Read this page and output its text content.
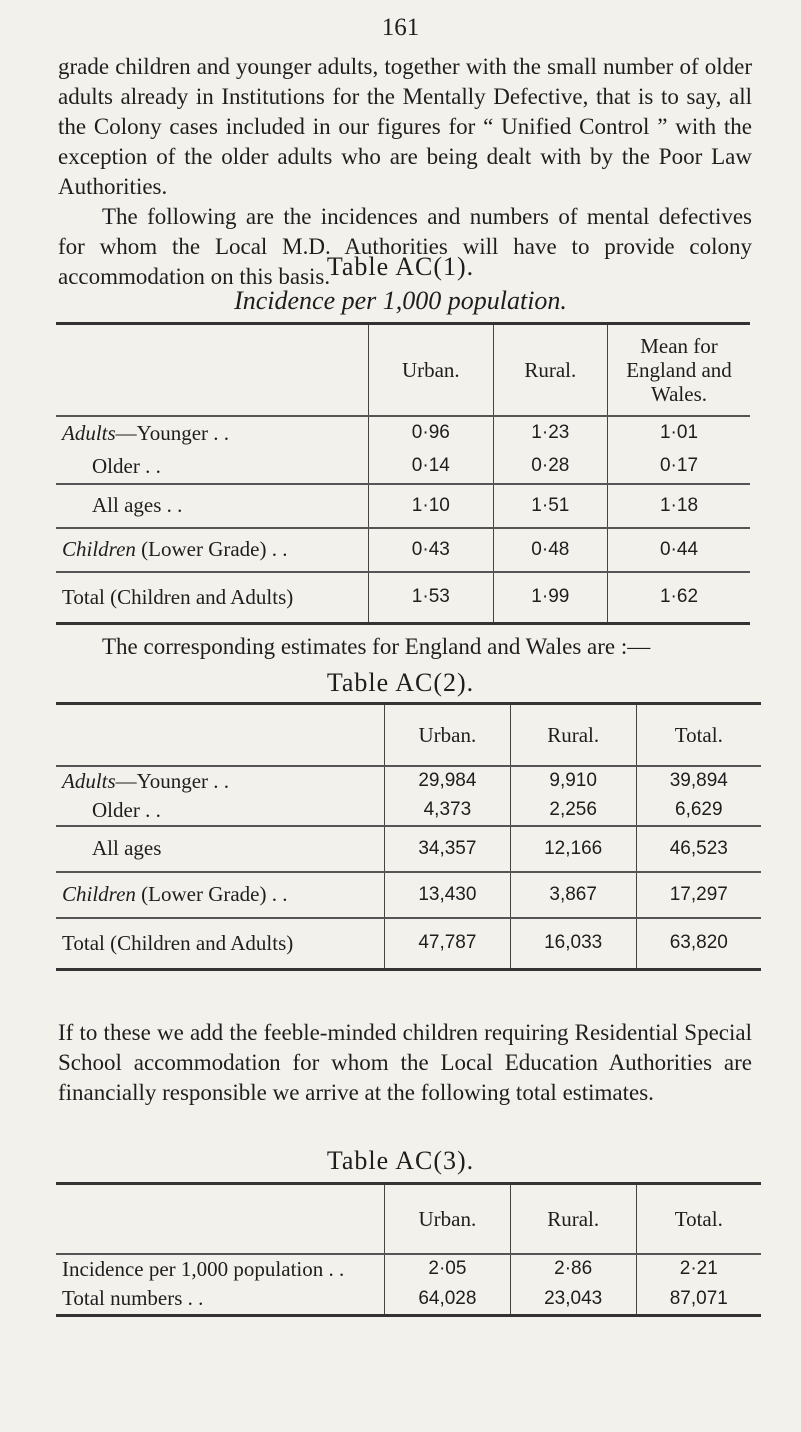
161

grade children and younger adults, together with the small number of older adults already in Institutions for the Mentally Defective, that is to say, all the Colony cases included in our figures for “ Unified Control ” with the exception of the older adults who are being dealt with by the Poor Law Authorities.

The following are the incidences and numbers of mental defectives for whom the Local M.D. Authorities will have to provide colony accommodation on this basis.

Table AC(1).
Incidence per 1,000 population.
	Urban.	Rural.	Mean for England and Wales.
Adults—Younger . .	0·96	1·23	1·01
Older . .	0·14	0·28	0·17
All ages . .	1·10	1·51	1·18
Children (Lower Grade) . .	0·43	0·48	0·44
Total (Children and Adults)	1·53	1·99	1·62

The corresponding estimates for England and Wales are :—

Table AC(2).
	Urban.	Rural.	Total.
Adults—Younger . .	29,984	9,910	39,894
Older . .	4,373	2,256	6,629
All ages	34,357	12,166	46,523
Children (Lower Grade) . .	13,430	3,867	17,297
Total (Children and Adults)	47,787	16,033	63,820

If to these we add the feeble-minded children requiring Residential Special School accommodation for whom the Local Education Authorities are financially responsible we arrive at the following total estimates.

Table AC(3).
	Urban.	Rural.	Total.
Incidence per 1,000 population . .	2·05	2·86	2·21
Total numbers . .	64,028	23,043	87,071
